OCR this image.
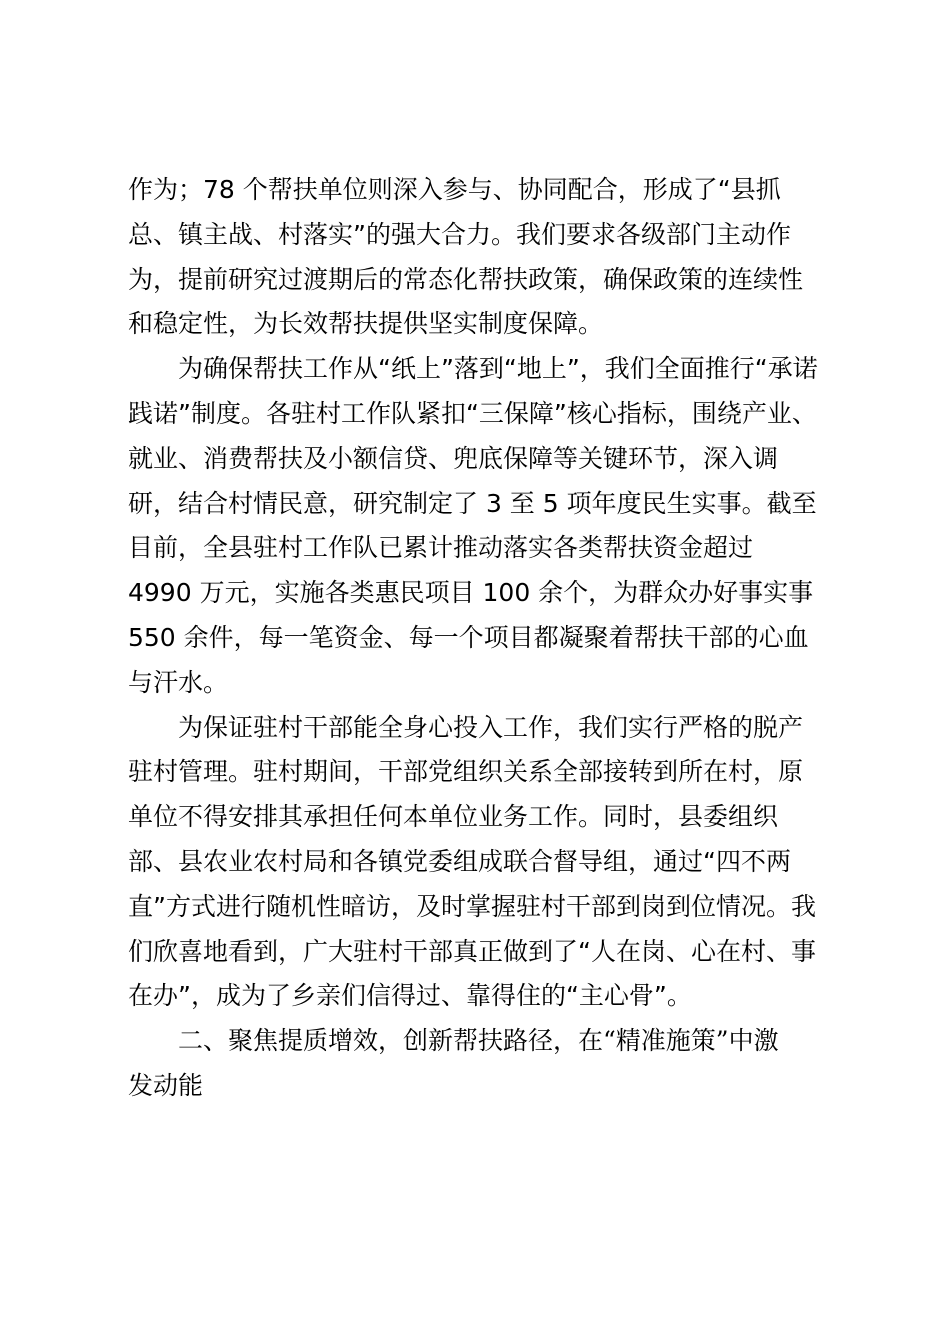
作为；78 个帮扶单位则深入参与、协同配合，形成了“县抓
总、镇主战、村落实”的强大合力。我们要求各级部门主动作
为，提前研究过渡期后的常态化帮扶政策，确保政策的连续性
和稳定性，为长效帮扶提供坚实制度保障。
为确保帮扶工作从“纸上”落到“地上”，我们全面推行“承诺
践诺”制度。各驻村工作队紧扣“三保障”核心指标，围绕产业、
就业、消费帮扶及小额信贷、兜底保障等关键环节，深入调
研，结合村情民意，研究制定了 3 至 5 项年度民生实事。截至
目前，全县驻村工作队已累计推动落实各类帮扶资金超过
4990 万元，实施各类惠民项目 100 余个，为群众办好事实事
550 余件，每一笔资金、每一个项目都凝聚着帮扶干部的心血
与汗水。
为保证驻村干部能全身心投入工作，我们实行严格的脱产
驻村管理。驻村期间，干部党组织关系全部接转到所在村，原
单位不得安排其承担任何本单位业务工作。同时，县委组织
部、县农业农村局和各镇党委组成联合督导组，通过“四不两
直”方式进行随机性暗访，及时掌握驻村干部到岗到位情况。我
们欣喜地看到，广大驻村干部真正做到了“人在岗、心在村、事
在办”，成为了乡亲们信得过、靠得住的“主心骨”。
二、聚焦提质增效，创新帮扶路径，在“精准施策”中激
发动能
